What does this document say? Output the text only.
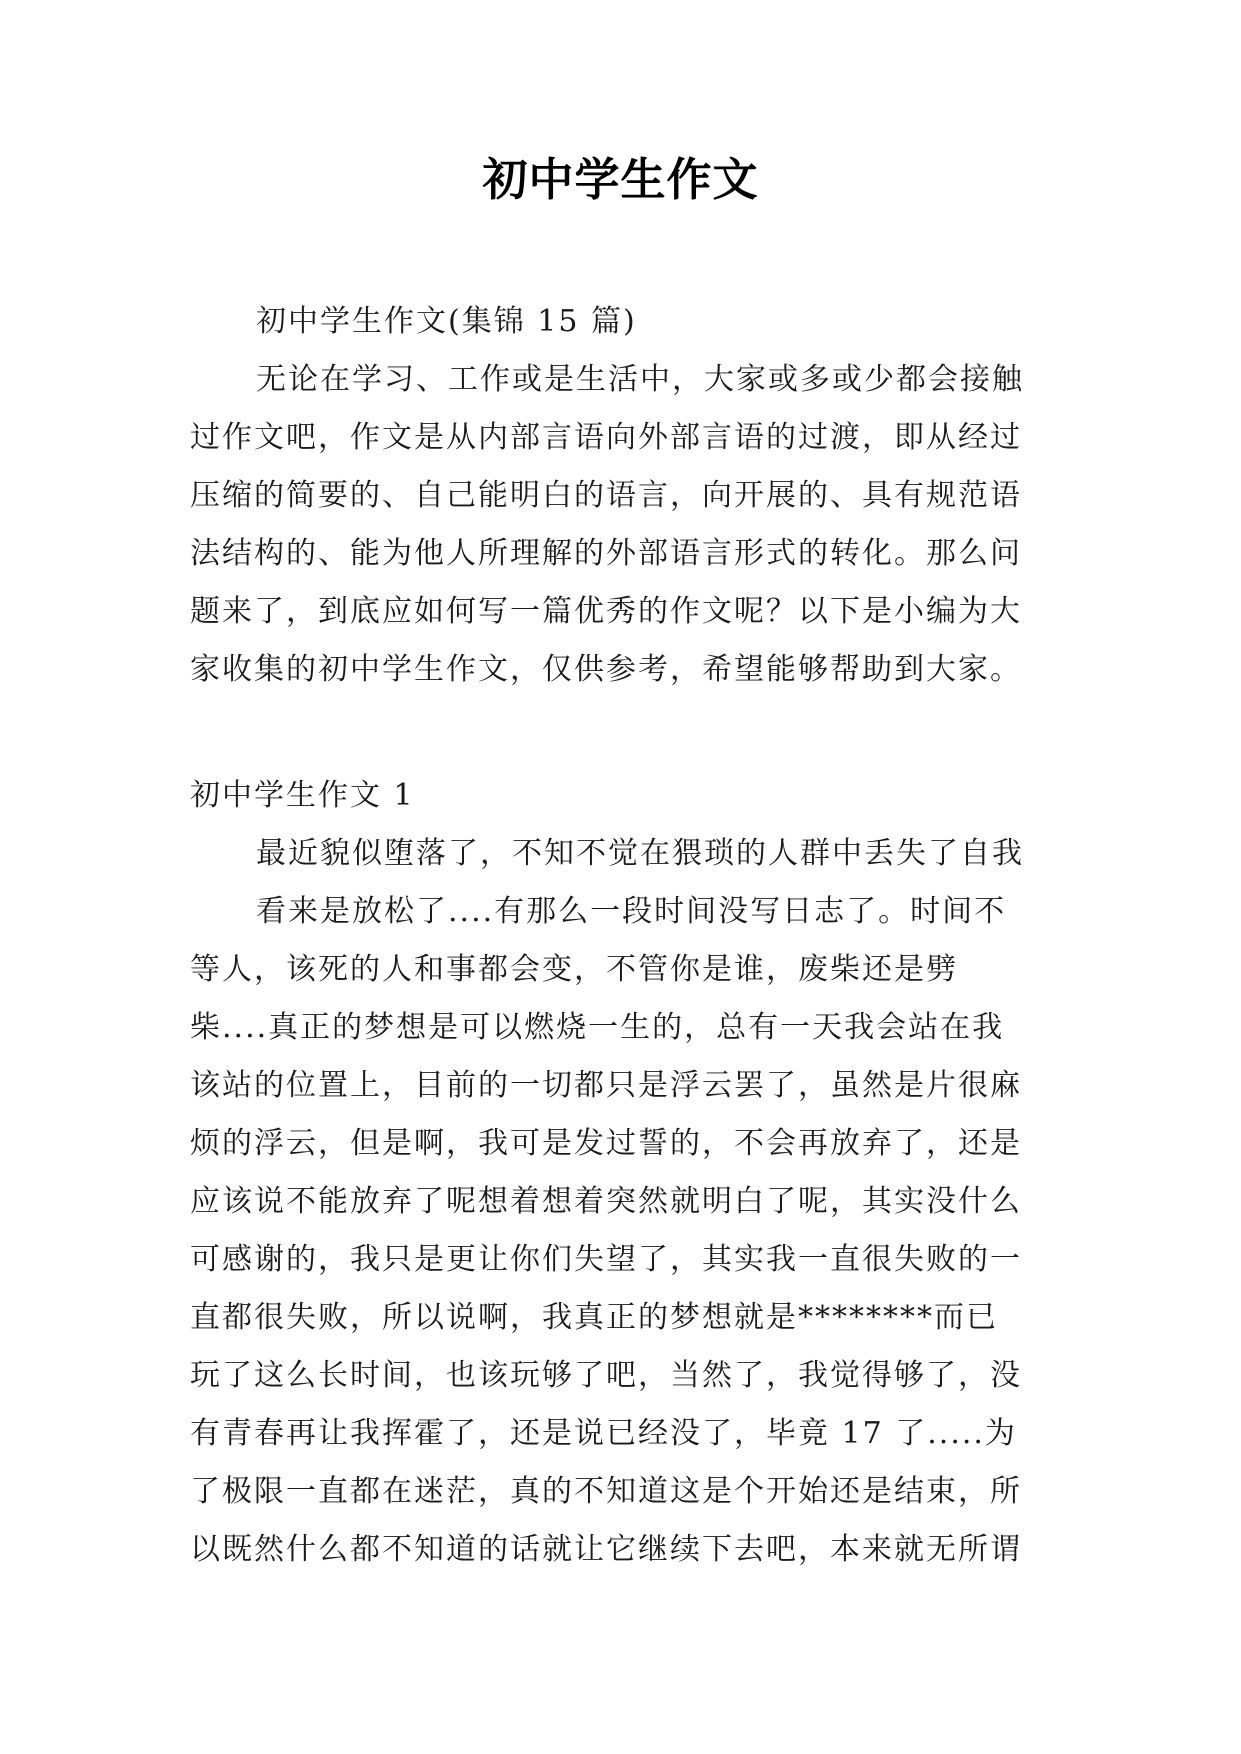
初中学生作文
初中学生作文(集锦 15 篇)
无论在学习、工作或是生活中，大家或多或少都会接触
过作文吧，作文是从内部言语向外部言语的过渡，即从经过
压缩的简要的、自己能明白的语言，向开展的、具有规范语
法结构的、能为他人所理解的外部语言形式的转化。那么问
题来了，到底应如何写一篇优秀的作文呢？以下是小编为大
家收集的初中学生作文，仅供参考，希望能够帮助到大家。
初中学生作文 1
最近貌似堕落了，不知不觉在猥琐的人群中丢失了自我
看来是放松了....有那么一段时间没写日志了。时间不
等人，该死的人和事都会变，不管你是谁，废柴还是劈
柴....真正的梦想是可以燃烧一生的，总有一天我会站在我
该站的位置上，目前的一切都只是浮云罢了，虽然是片很麻
烦的浮云，但是啊，我可是发过誓的，不会再放弃了，还是
应该说不能放弃了呢想着想着突然就明白了呢，其实没什么
可感谢的，我只是更让你们失望了，其实我一直很失败的一
直都很失败，所以说啊，我真正的梦想就是********而已
玩了这么长时间，也该玩够了吧，当然了，我觉得够了，没
有青春再让我挥霍了，还是说已经没了，毕竟 17 了.....为
了极限一直都在迷茫，真的不知道这是个开始还是结束，所
以既然什么都不知道的话就让它继续下去吧，本来就无所谓
